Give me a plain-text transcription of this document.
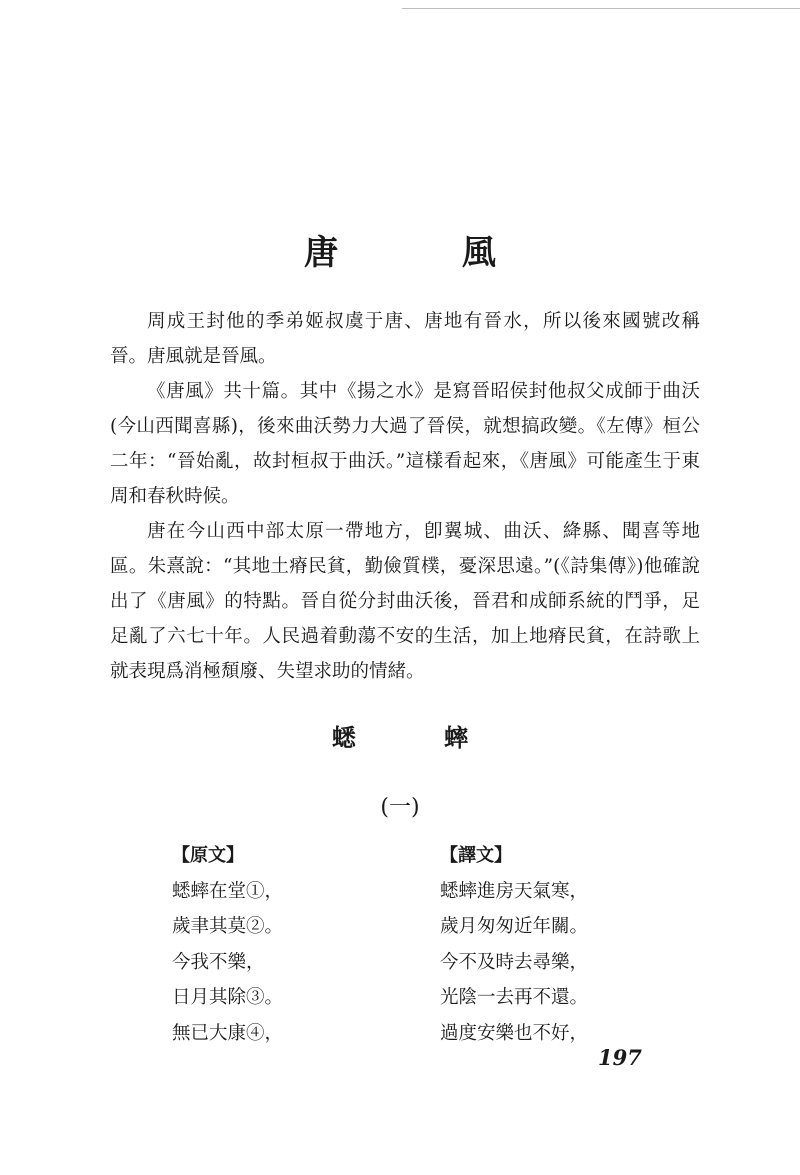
唐 風

周成王封他的季弟姬叔虞于唐、唐地有晉水，所以後來國號改稱晉。唐風就是晉風。

《唐風》共十篇。其中《揚之水》是寫晉昭侯封他叔父成師于曲沃(今山西聞喜縣)，後來曲沃勢力大過了晉侯，就想搞政變。《左傳》桓公二年：“晉始亂，故封桓叔于曲沃。”這樣看起來，《唐風》可能產生于東周和春秋時候。

唐在今山西中部太原一帶地方，卽翼城、曲沃、絳縣、聞喜等地區。朱熹說：“其地土瘠民貧，勤儉質樸，憂深思遠。”(《詩集傳》)他確說出了《唐風》的特點。晉自從分封曲沃後，晉君和成師系統的鬥爭，足足亂了六七十年。人民過着動蕩不安的生活，加上地瘠民貧，在詩歌上就表現爲消極頹廢、失望求助的情緒。

蟋 蟀
(一)
【原文】
蟋蟀在堂①，
歲聿其莫②。
今我不樂，
日月其除③。
無已大康④，
【譯文】
蟋蟀進房天氣寒，
歲月匆匆近年關。
今不及時去尋樂，
光陰一去再不還。
過度安樂也不好，
197
